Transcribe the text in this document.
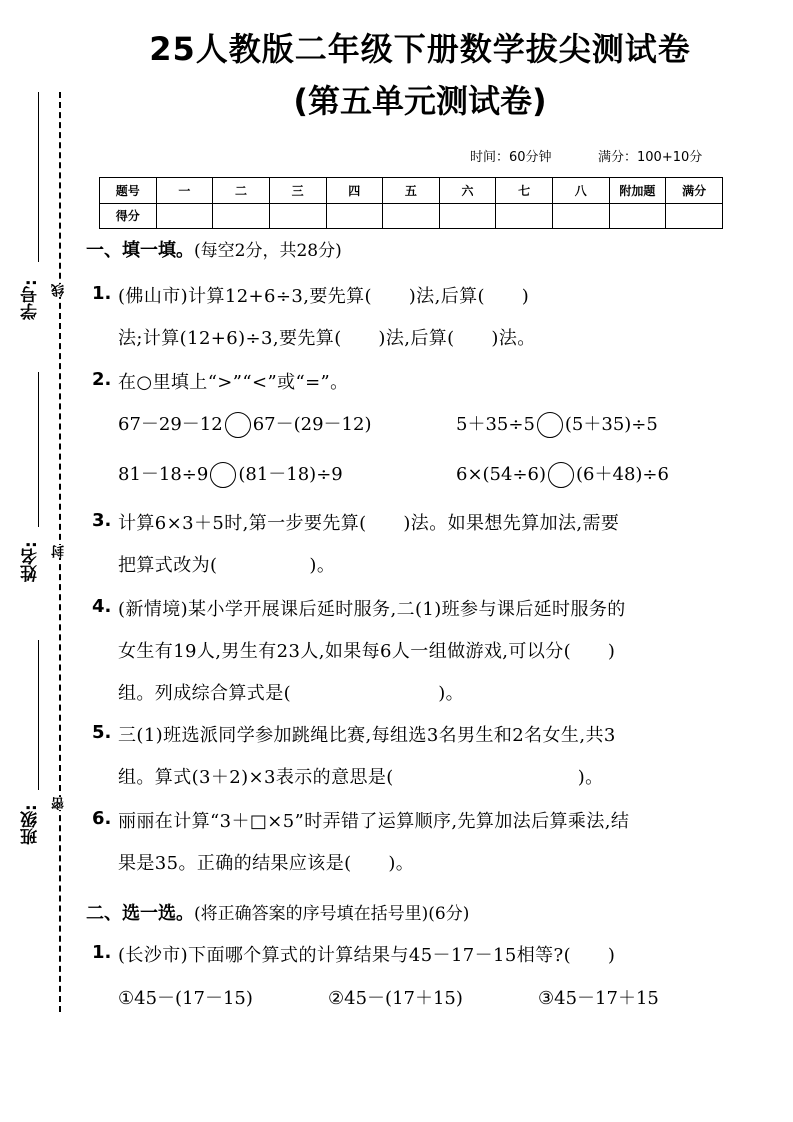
25人教版二年级下册数学拔尖测试卷
(第五单元测试卷)
时间：60分钟	满分：100+10分
题号	一	二	三	四	五	六	七	八	附加题	满分
得分										
学号:
姓名:
班级:
线
封
密
一、填一填。(每空2分，共28分)
1. (佛山市)计算12+6÷3,要先算(　　)法,后算(　　)
法;计算(12+6)÷3,要先算(　　)法,后算(　　)法。
2. 在○里填上“>”“<”或“=”。
67－29－12 67－(29－12)	5＋35÷5 (5＋35)÷5
81－18÷9 (81－18)÷9	6×(54÷6) (6＋48)÷6
3. 计算6×3＋5时,第一步要先算(　　)法。如果想先算加法,需要
把算式改为(　　　　　)。
4. (新情境)某小学开展课后延时服务,二(1)班参与课后延时服务的
女生有19人,男生有23人,如果每6人一组做游戏,可以分(　　)
组。列成综合算式是(　　　　　　　　)。
5. 三(1)班选派同学参加跳绳比赛,每组选3名男生和2名女生,共3
组。算式(3＋2)×3表示的意思是(　　　　　　　　　　)。
6. 丽丽在计算“3＋□×5”时弄错了运算顺序,先算加法后算乘法,结
果是35。正确的结果应该是(　　)。
二、选一选。(将正确答案的序号填在括号里)(6分)
1. (长沙市)下面哪个算式的计算结果与45－17－15相等?(　　)
①45－(17－15)	②45－(17＋15)	③45－17＋15
